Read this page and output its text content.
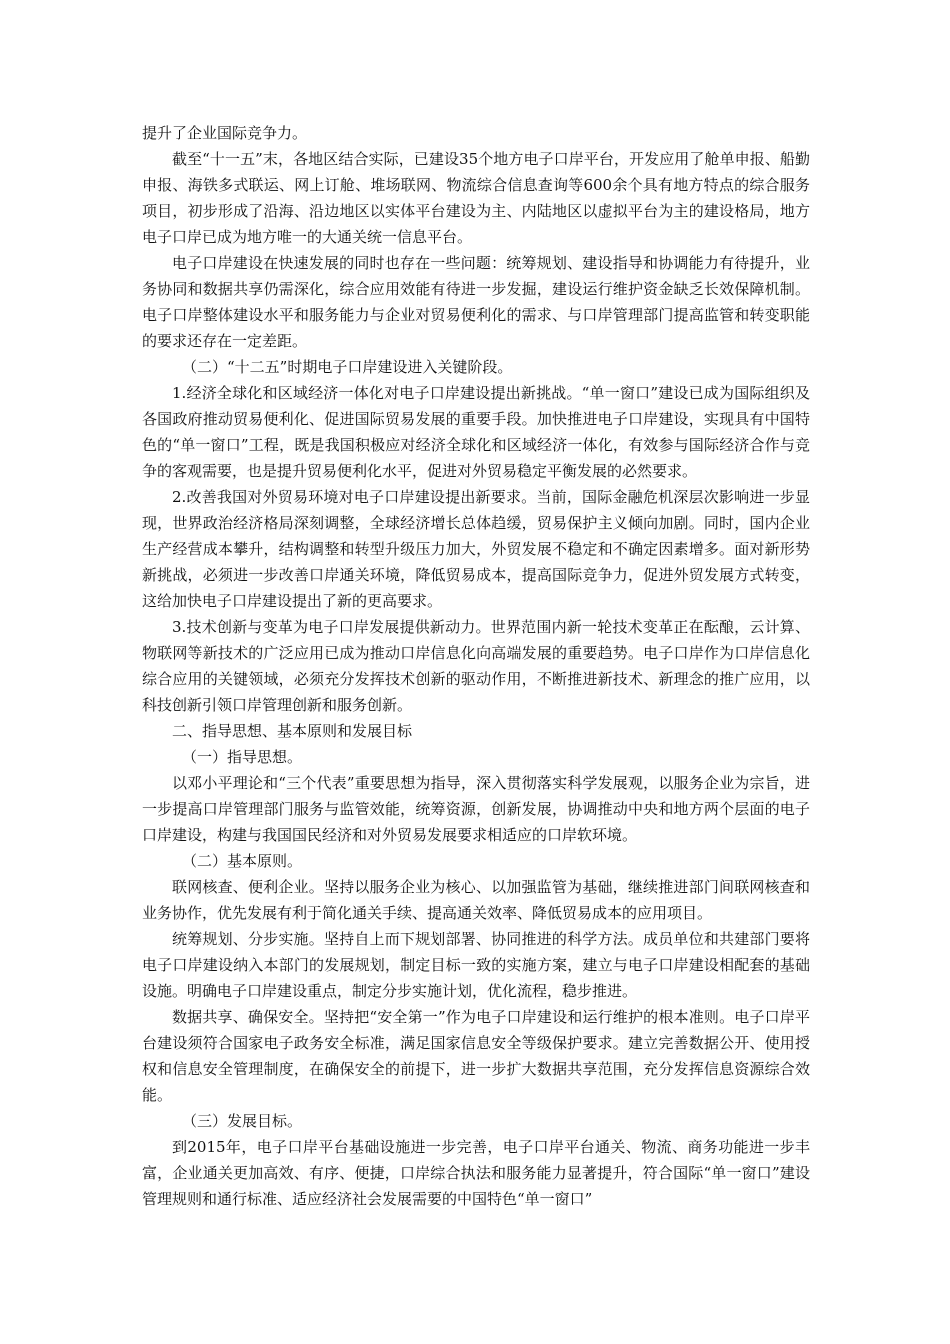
提升了企业国际竞争力。

截至“十一五”末，各地区结合实际，已建设35个地方电子口岸平台，开发应用了舱单申报、船勤申报、海铁多式联运、网上订舱、堆场联网、物流综合信息查询等600余个具有地方特点的综合服务项目，初步形成了沿海、沿边地区以实体平台建设为主、内陆地区以虚拟平台为主的建设格局，地方电子口岸已成为地方唯一的大通关统一信息平台。

电子口岸建设在快速发展的同时也存在一些问题：统筹规划、建设指导和协调能力有待提升，业务协同和数据共享仍需深化，综合应用效能有待进一步发掘，建设运行维护资金缺乏长效保障机制。电子口岸整体建设水平和服务能力与企业对贸易便利化的需求、与口岸管理部门提高监管和转变职能的要求还存在一定差距。

（二）“十二五”时期电子口岸建设进入关键阶段。

1.经济全球化和区域经济一体化对电子口岸建设提出新挑战。“单一窗口”建设已成为国际组织及各国政府推动贸易便利化、促进国际贸易发展的重要手段。加快推进电子口岸建设，实现具有中国特色的“单一窗口”工程，既是我国积极应对经济全球化和区域经济一体化，有效参与国际经济合作与竞争的客观需要，也是提升贸易便利化水平，促进对外贸易稳定平衡发展的必然要求。

2.改善我国对外贸易环境对电子口岸建设提出新要求。当前，国际金融危机深层次影响进一步显现，世界政治经济格局深刻调整，全球经济增长总体趋缓，贸易保护主义倾向加剧。同时，国内企业生产经营成本攀升，结构调整和转型升级压力加大，外贸发展不稳定和不确定因素增多。面对新形势新挑战，必须进一步改善口岸通关环境，降低贸易成本，提高国际竞争力，促进外贸发展方式转变，这给加快电子口岸建设提出了新的更高要求。

3.技术创新与变革为电子口岸发展提供新动力。世界范围内新一轮技术变革正在酝酿，云计算、物联网等新技术的广泛应用已成为推动口岸信息化向高端发展的重要趋势。电子口岸作为口岸信息化综合应用的关键领域，必须充分发挥技术创新的驱动作用，不断推进新技术、新理念的推广应用，以科技创新引领口岸管理创新和服务创新。

二、指导思想、基本原则和发展目标

（一）指导思想。

以邓小平理论和“三个代表”重要思想为指导，深入贯彻落实科学发展观，以服务企业为宗旨，进一步提高口岸管理部门服务与监管效能，统筹资源，创新发展，协调推动中央和地方两个层面的电子口岸建设，构建与我国国民经济和对外贸易发展要求相适应的口岸软环境。

（二）基本原则。

联网核查、便利企业。坚持以服务企业为核心、以加强监管为基础，继续推进部门间联网核查和业务协作，优先发展有利于简化通关手续、提高通关效率、降低贸易成本的应用项目。

统筹规划、分步实施。坚持自上而下规划部署、协同推进的科学方法。成员单位和共建部门要将电子口岸建设纳入本部门的发展规划，制定目标一致的实施方案，建立与电子口岸建设相配套的基础设施。明确电子口岸建设重点，制定分步实施计划，优化流程，稳步推进。

数据共享、确保安全。坚持把“安全第一”作为电子口岸建设和运行维护的根本准则。电子口岸平台建设须符合国家电子政务安全标准，满足国家信息安全等级保护要求。建立完善数据公开、使用授权和信息安全管理制度，在确保安全的前提下，进一步扩大数据共享范围，充分发挥信息资源综合效能。

（三）发展目标。

到2015年，电子口岸平台基础设施进一步完善，电子口岸平台通关、物流、商务功能进一步丰富，企业通关更加高效、有序、便捷，口岸综合执法和服务能力显著提升，符合国际“单一窗口”建设管理规则和通行标准、适应经济社会发展需要的中国特色“单一窗口”
